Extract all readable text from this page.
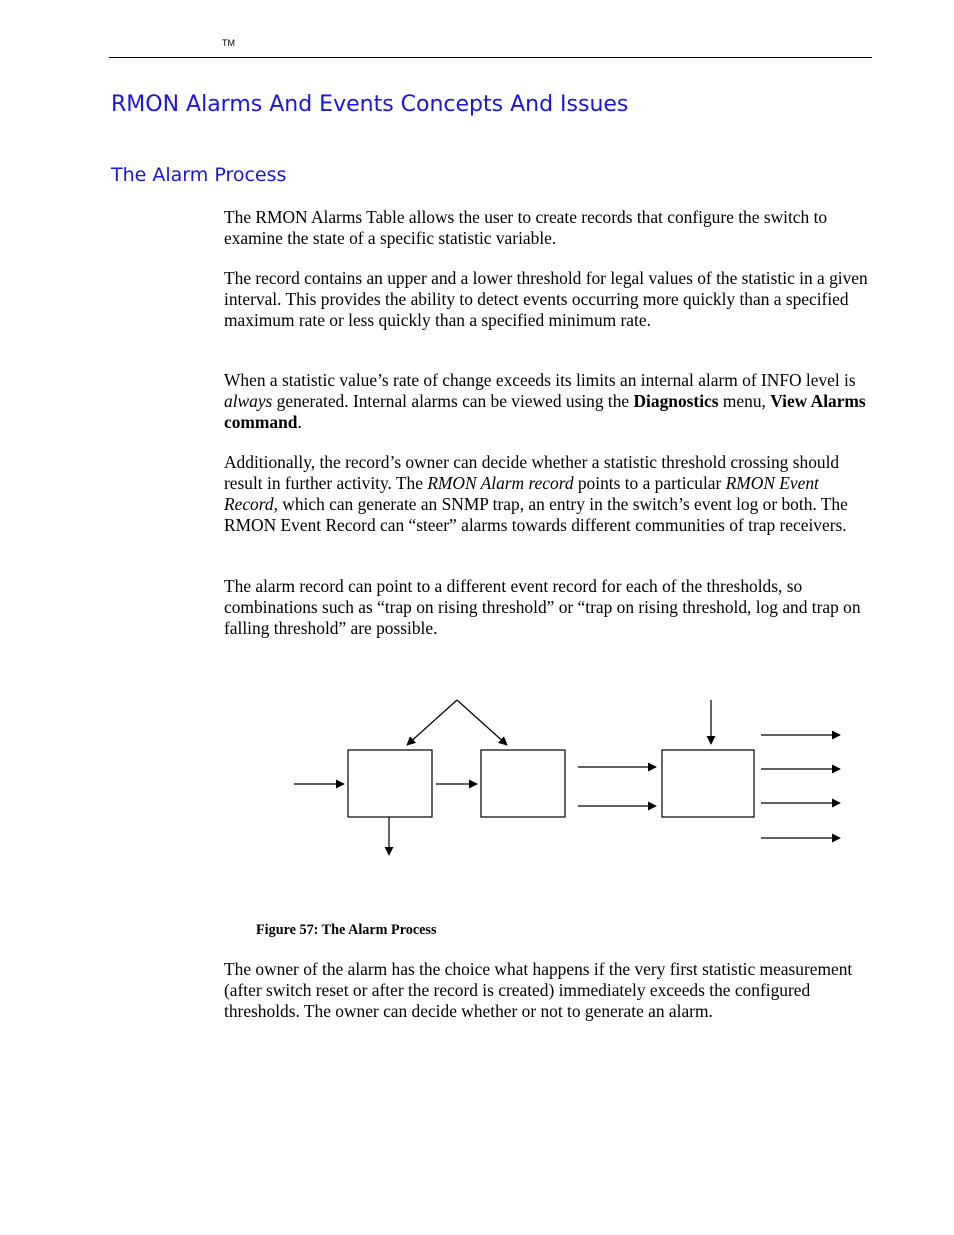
TM
RMON Alarms And Events Concepts And Issues
The Alarm Process

The RMON Alarms Table allows the user to create records that configure the switch to examine the state of a specific statistic variable.

The record contains an upper and a lower threshold for legal values of the statistic in a given interval. This provides the ability to detect events occurring more quickly than a specified maximum rate or less quickly than a specified minimum rate.

When a statistic value’s rate of change exceeds its limits an internal alarm of INFO level is always generated. Internal alarms can be viewed using the Diagnostics menu, View Alarms command.

Additionally, the record’s owner can decide whether a statistic threshold crossing should result in further activity. The RMON Alarm record points to a particular RMON Event Record, which can generate an SNMP trap, an entry in the switch’s event log or both. The RMON Event Record can “steer” alarms towards different communities of trap receivers.

The alarm record can point to a different event record for each of the thresholds, so combinations such as “trap on rising threshold” or “trap on rising threshold, log and trap on falling threshold” are possible.

Figure 57: The Alarm Process

The owner of the alarm has the choice what happens if the very first statistic measurement (after switch reset or after the record is created) immediately exceeds the configured thresholds. The owner can decide whether or not to generate an alarm.
